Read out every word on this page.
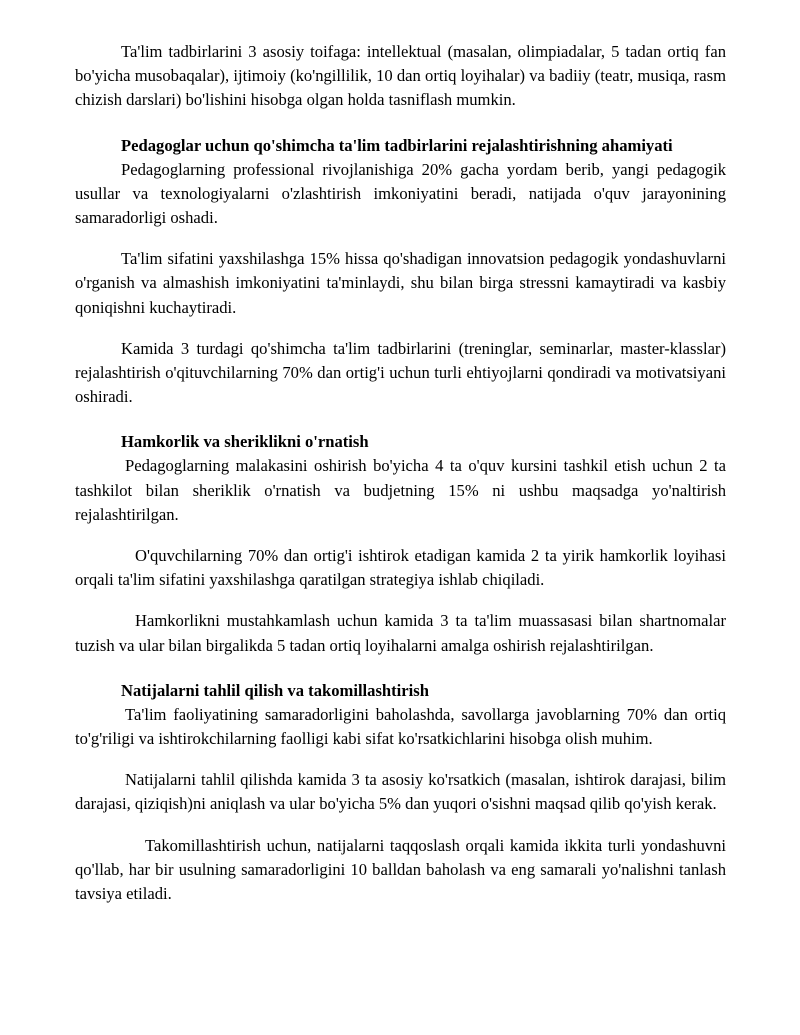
Ta'lim tadbirlarini 3 asosiy toifaga: intellektual (masalan, olimpiadalar, 5 tadan ortiq fan bo'yicha musobaqalar), ijtimoiy (ko'ngillilik, 10 dan ortiq loyihalar) va badiiy (teatr, musiqa, rasm chizish darslari) bo'lishini hisobga olgan holda tasniflash mumkin.

Pedagoglar uchun qo'shimcha ta'lim tadbirlarini rejalashtirishning ahamiyati

Pedagoglarning professional rivojlanishiga 20% gacha yordam berib, yangi pedagogik usullar va texnologiyalarni o'zlashtirish imkoniyatini beradi, natijada o'quv jarayonining samaradorligi oshadi.

Ta'lim sifatini yaxshilashga 15% hissa qo'shadigan innovatsion pedagogik yondashuvlarni o'rganish va almashish imkoniyatini ta'minlaydi, shu bilan birga stressni kamaytiradi va kasbiy qoniqishni kuchaytiradi.

Kamida 3 turdagi qo'shimcha ta'lim tadbirlarini (treninglar, seminarlar, master-klasslar) rejalashtirish o'qituvchilarning 70% dan ortig'i uchun turli ehtiyojlarni qondiradi va motivatsiyani oshiradi.

Hamkorlik va sheriklikni o'rnatish

Pedagoglarning malakasini oshirish bo'yicha 4 ta o'quv kursini tashkil etish uchun 2 ta tashkilot bilan sheriklik o'rnatish va budjetning 15% ni ushbu maqsadga yo'naltirish rejalashtirilgan.

O'quvchilarning 70% dan ortig'i ishtirok etadigan kamida 2 ta yirik hamkorlik loyihasi orqali ta'lim sifatini yaxshilashga qaratilgan strategiya ishlab chiqiladi.

Hamkorlikni mustahkamlash uchun kamida 3 ta ta'lim muassasasi bilan shartnomalar tuzish va ular bilan birgalikda 5 tadan ortiq loyihalarni amalga oshirish rejalashtirilgan.

Natijalarni tahlil qilish va takomillashtirish

Ta'lim faoliyatining samaradorligini baholashda, savollarga javoblarning 70% dan ortiq to'g'riligi va ishtirokchilarning faolligi kabi sifat ko'rsatkichlarini hisobga olish muhim.

Natijalarni tahlil qilishda kamida 3 ta asosiy ko'rsatkich (masalan, ishtirok darajasi, bilim darajasi, qiziqish)ni aniqlash va ular bo'yicha 5% dan yuqori o'sishni maqsad qilib qo'yish kerak.

Takomillashtirish uchun, natijalarni taqqoslash orqali kamida ikkita turli yondashuvni qo'llab, har bir usulning samaradorligini 10 balldan baholash va eng samarali yo'nalishni tanlash tavsiya etiladi.
